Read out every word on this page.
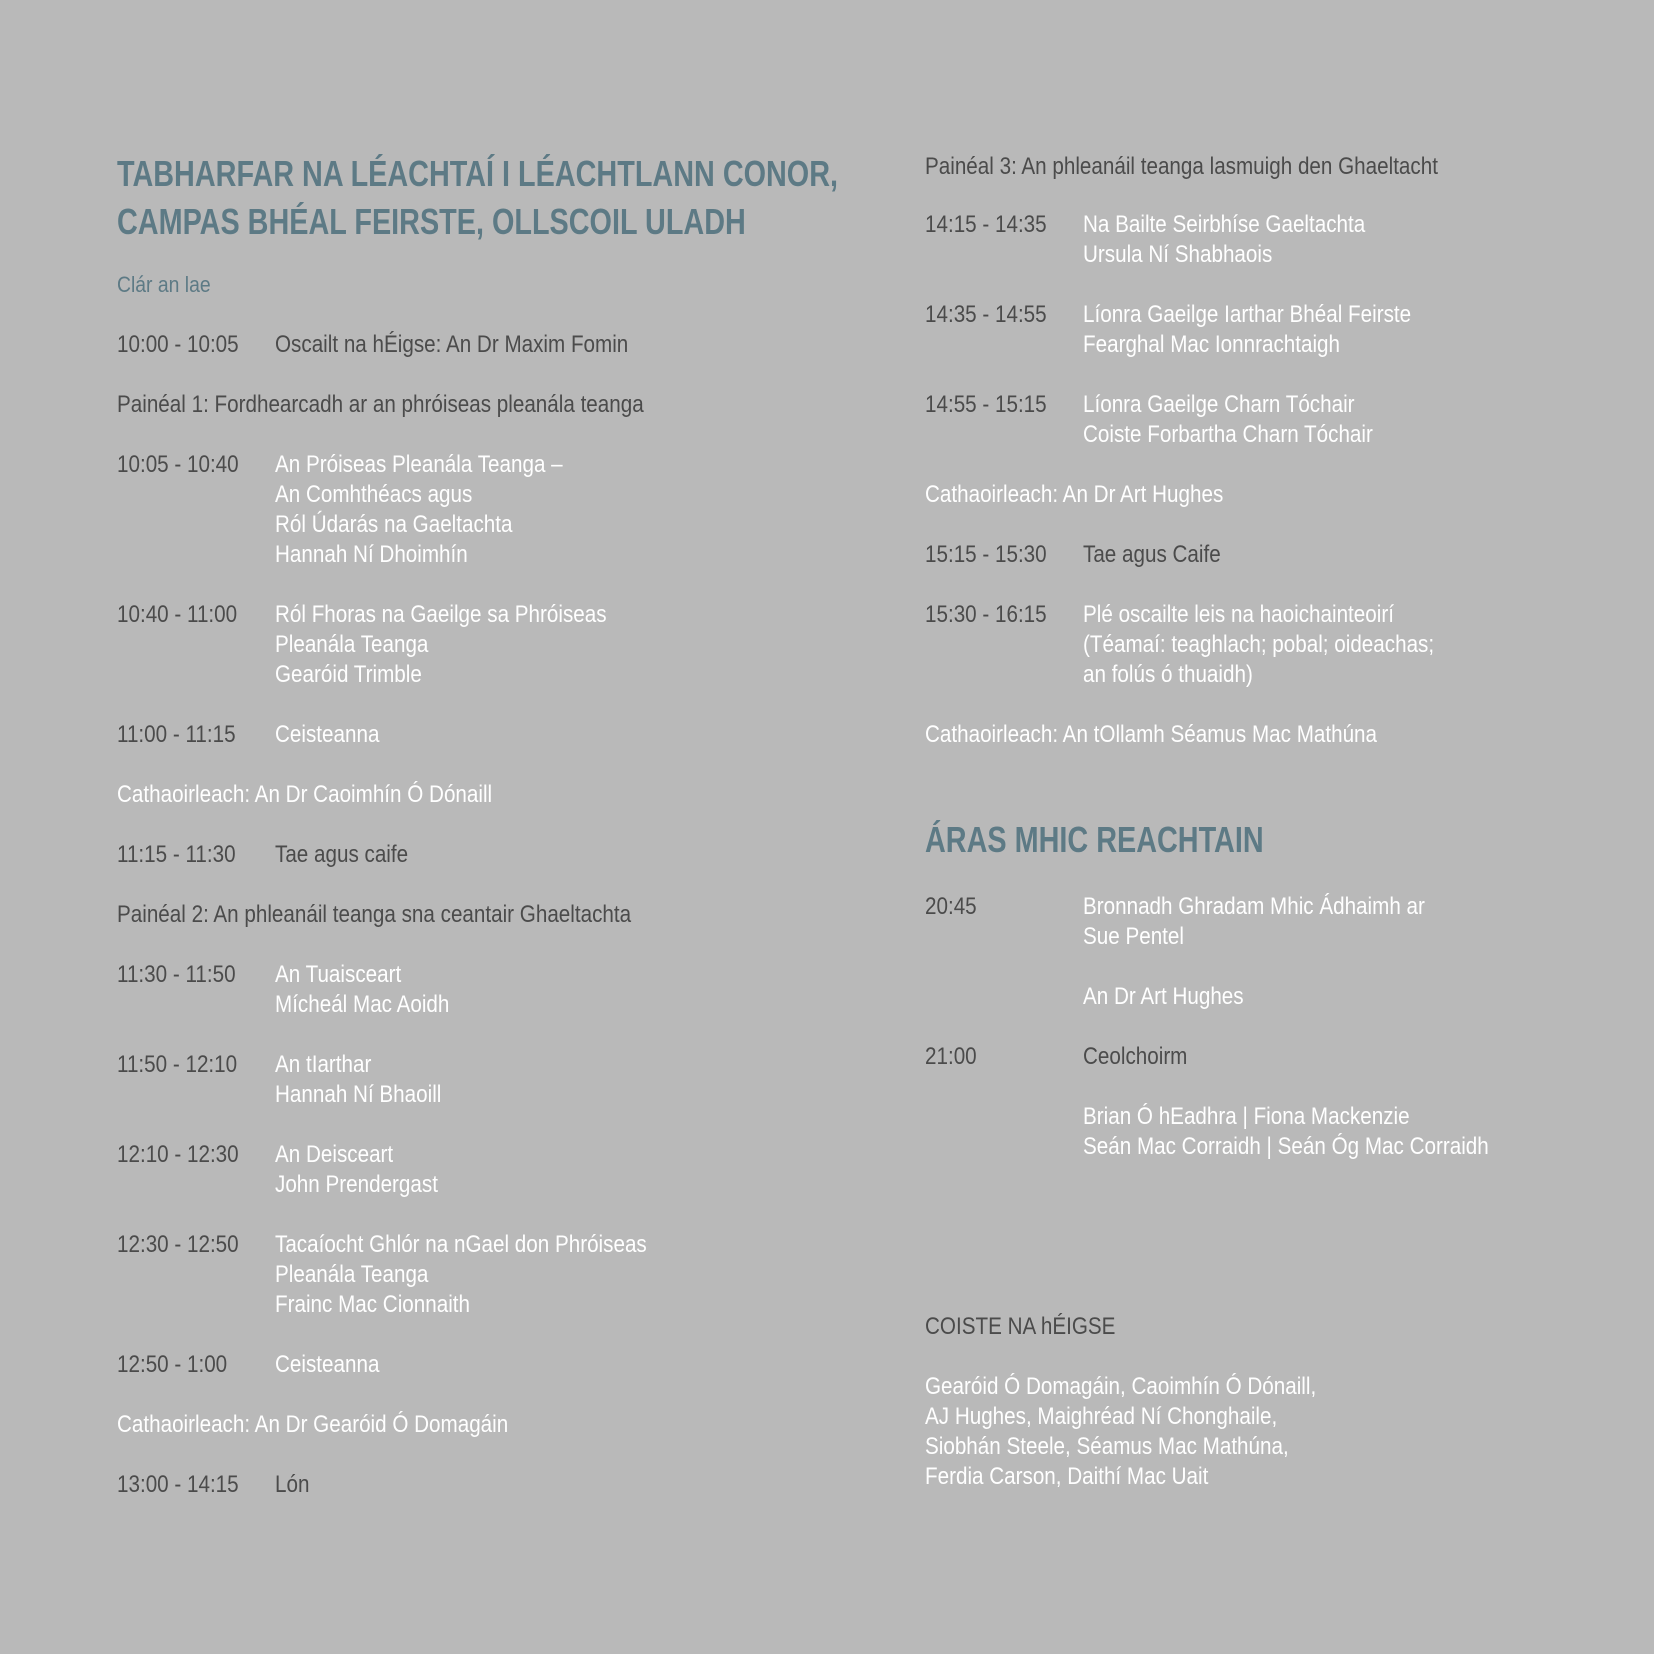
TABHARFAR NA LÉACHTAÍ I LÉACHTLANN CONOR,
CAMPAS BHÉAL FEIRSTE, OLLSCOIL ULADH
Clár an lae
10:00 - 10:05 Oscailt na hÉigse: An Dr Maxim Fomin
Painéal 1: Fordhearcadh ar an phróiseas pleanála teanga
10:05 - 10:40 An Próiseas Pleanála Teanga –
An Comhthéacs agus
Ról Údarás na Gaeltachta
Hannah Ní Dhoimhín
10:40 - 11:00 Ról Fhoras na Gaeilge sa Phróiseas
Pleanála Teanga
Gearóid Trimble
11:00 - 11:15 Ceisteanna
Cathaoirleach: An Dr Caoimhín Ó Dónaill
11:15 - 11:30 Tae agus caife
Painéal 2: An phleanáil teanga sna ceantair Ghaeltachta
11:30 - 11:50 An Tuaisceart
Mícheál Mac Aoidh
11:50 - 12:10 An tIarthar
Hannah Ní Bhaoill
12:10 - 12:30 An Deisceart
John Prendergast
12:30 - 12:50 Tacaíocht Ghlór na nGael don Phróiseas
Pleanála Teanga
Frainc Mac Cionnaith
12:50 - 1:00 Ceisteanna
Cathaoirleach: An Dr Gearóid Ó Domagáin
13:00 - 14:15 Lón
Painéal 3: An phleanáil teanga lasmuigh den Ghaeltacht
14:15 - 14:35 Na Bailte Seirbhíse Gaeltachta
Ursula Ní Shabhaois
14:35 - 14:55 Líonra Gaeilge Iarthar Bhéal Feirste
Fearghal Mac Ionnrachtaigh
14:55 - 15:15 Líonra Gaeilge Charn Tóchair
Coiste Forbartha Charn Tóchair
Cathaoirleach: An Dr Art Hughes
15:15 - 15:30 Tae agus Caife
15:30 - 16:15 Plé oscailte leis na haoichainteoirí
(Téamaí: teaghlach; pobal; oideachas;
an folús ó thuaidh)
Cathaoirleach: An tOllamh Séamus Mac Mathúna
ÁRAS MHIC REACHTAIN
20:45	Bronnadh Ghradam Mhic Ádhaimh ar
Sue Pentel
An Dr Art Hughes
21:00	Ceolchoirm
Brian Ó hEadhra | Fiona Mackenzie
Seán Mac Corraidh | Seán Óg Mac Corraidh
COISTE NA hÉIGSE
Gearóid Ó Domagáin, Caoimhín Ó Dónaill,
AJ Hughes, Maighréad Ní Chonghaile,
Siobhán Steele, Séamus Mac Mathúna,
Ferdia Carson, Daithí Mac Uait
